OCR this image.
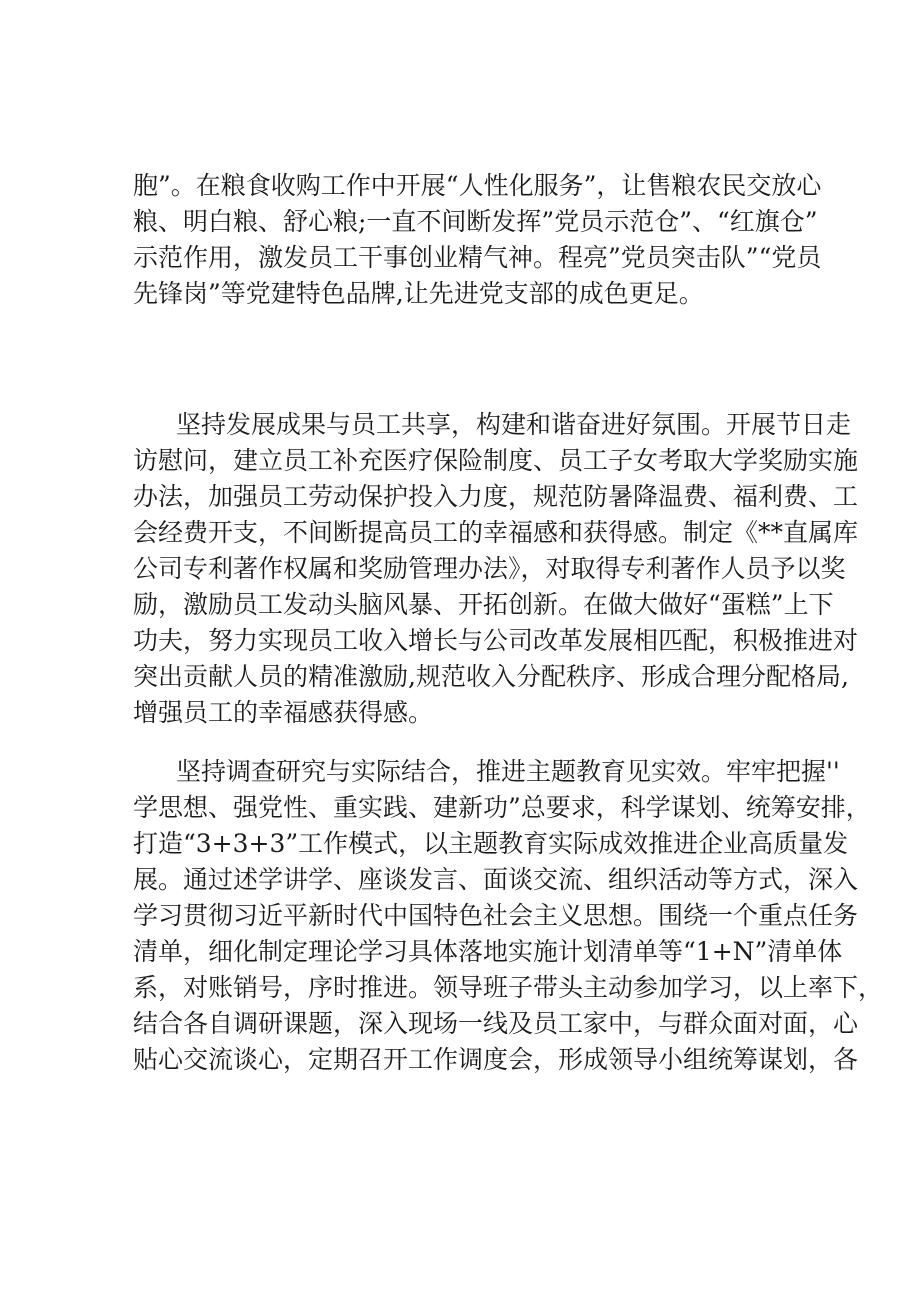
胞”。在粮食收购工作中开展“人性化服务”，让售粮农民交放心
粮、明白粮、舒心粮;一直不间断发挥”党员示范仓”、“红旗仓”
示范作用，激发员工干事创业精气神。程亮”党员突击队”“党员
先锋岗”等党建特色品牌,让先进党支部的成色更足。
坚持发展成果与员工共享，构建和谐奋进好氛围。开展节日走
访慰问，建立员工补充医疗保险制度、员工子女考取大学奖励实施
办法，加强员工劳动保护投入力度，规范防暑降温费、福利费、工
会经费开支，不间断提高员工的幸福感和获得感。制定《**直属库
公司专利著作权属和奖励管理办法》，对取得专利著作人员予以奖
励，激励员工发动头脑风暴、开拓创新。在做大做好“蛋糕”上下
功夫，努力实现员工收入增长与公司改革发展相匹配，积极推进对
突出贡献人员的精准激励,规范收入分配秩序、形成合理分配格局,
增强员工的幸福感获得感。
坚持调查研究与实际结合，推进主题教育见实效。牢牢把握''
学思想、强党性、重实践、建新功”总要求，科学谋划、统筹安排，
打造“3+3+3”工作模式，以主题教育实际成效推进企业高质量发
展。通过述学讲学、座谈发言、面谈交流、组织活动等方式，深入
学习贯彻习近平新时代中国特色社会主义思想。围绕一个重点任务
清单，细化制定理论学习具体落地实施计划清单等“1+N”清单体
系，对账销号，序时推进。领导班子带头主动参加学习，以上率下，
结合各自调研课题，深入现场一线及员工家中，与群众面对面，心
贴心交流谈心，定期召开工作调度会，形成领导小组统筹谋划，各
